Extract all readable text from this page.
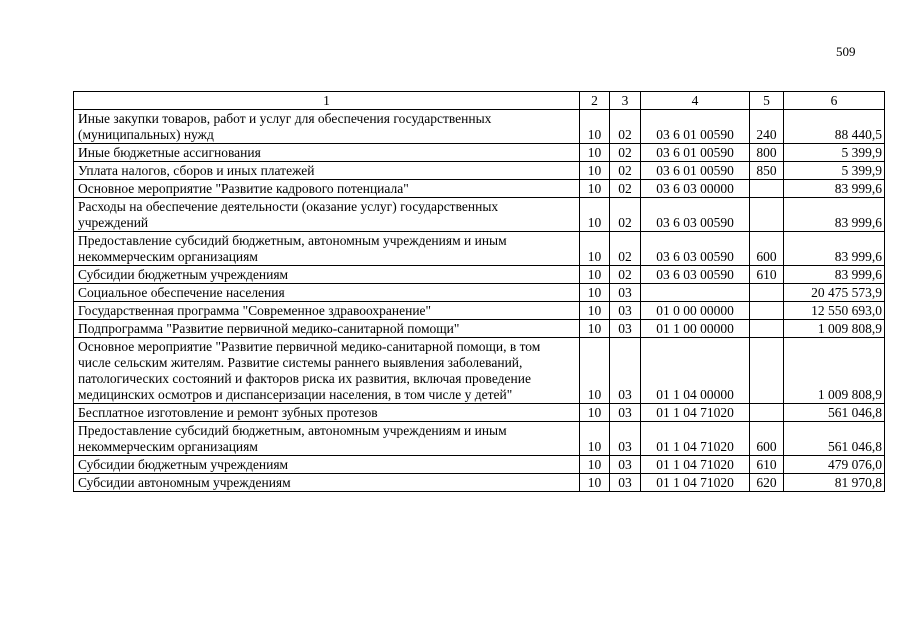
509
1	2	3	4	5	6
Иные закупки товаров, работ и услуг для обеспечения государственных (муниципальных) нужд	10	02	03 6 01 00590	240	88 440,5
Иные бюджетные ассигнования	10	02	03 6 01 00590	800	5 399,9
Уплата налогов, сборов и иных платежей	10	02	03 6 01 00590	850	5 399,9
Основное мероприятие "Развитие кадрового потенциала"	10	02	03 6 03 00000		83 999,6
Расходы на обеспечение деятельности (оказание услуг) государственных учреждений	10	02	03 6 03 00590		83 999,6
Предоставление субсидий бюджетным, автономным учреждениям и иным некоммерческим организациям	10	02	03 6 03 00590	600	83 999,6
Субсидии бюджетным учреждениям	10	02	03 6 03 00590	610	83 999,6
Социальное обеспечение населения	10	03			20 475 573,9
Государственная программа "Современное здравоохранение"	10	03	01 0 00 00000		12 550 693,0
Подпрограмма "Развитие первичной медико-санитарной помощи"	10	03	01 1 00 00000		1 009 808,9
Основное мероприятие "Развитие первичной медико-санитарной помощи, в том числе сельским жителям. Развитие системы раннего выявления заболеваний, патологических состояний и факторов риска их развития, включая проведение медицинских осмотров и диспансеризации населения, в том числе у детей"	10	03	01 1 04 00000		1 009 808,9
Бесплатное изготовление и ремонт зубных протезов	10	03	01 1 04 71020		561 046,8
Предоставление субсидий бюджетным, автономным учреждениям и иным некоммерческим организациям	10	03	01 1 04 71020	600	561 046,8
Субсидии бюджетным учреждениям	10	03	01 1 04 71020	610	479 076,0
Субсидии автономным учреждениям	10	03	01 1 04 71020	620	81 970,8
